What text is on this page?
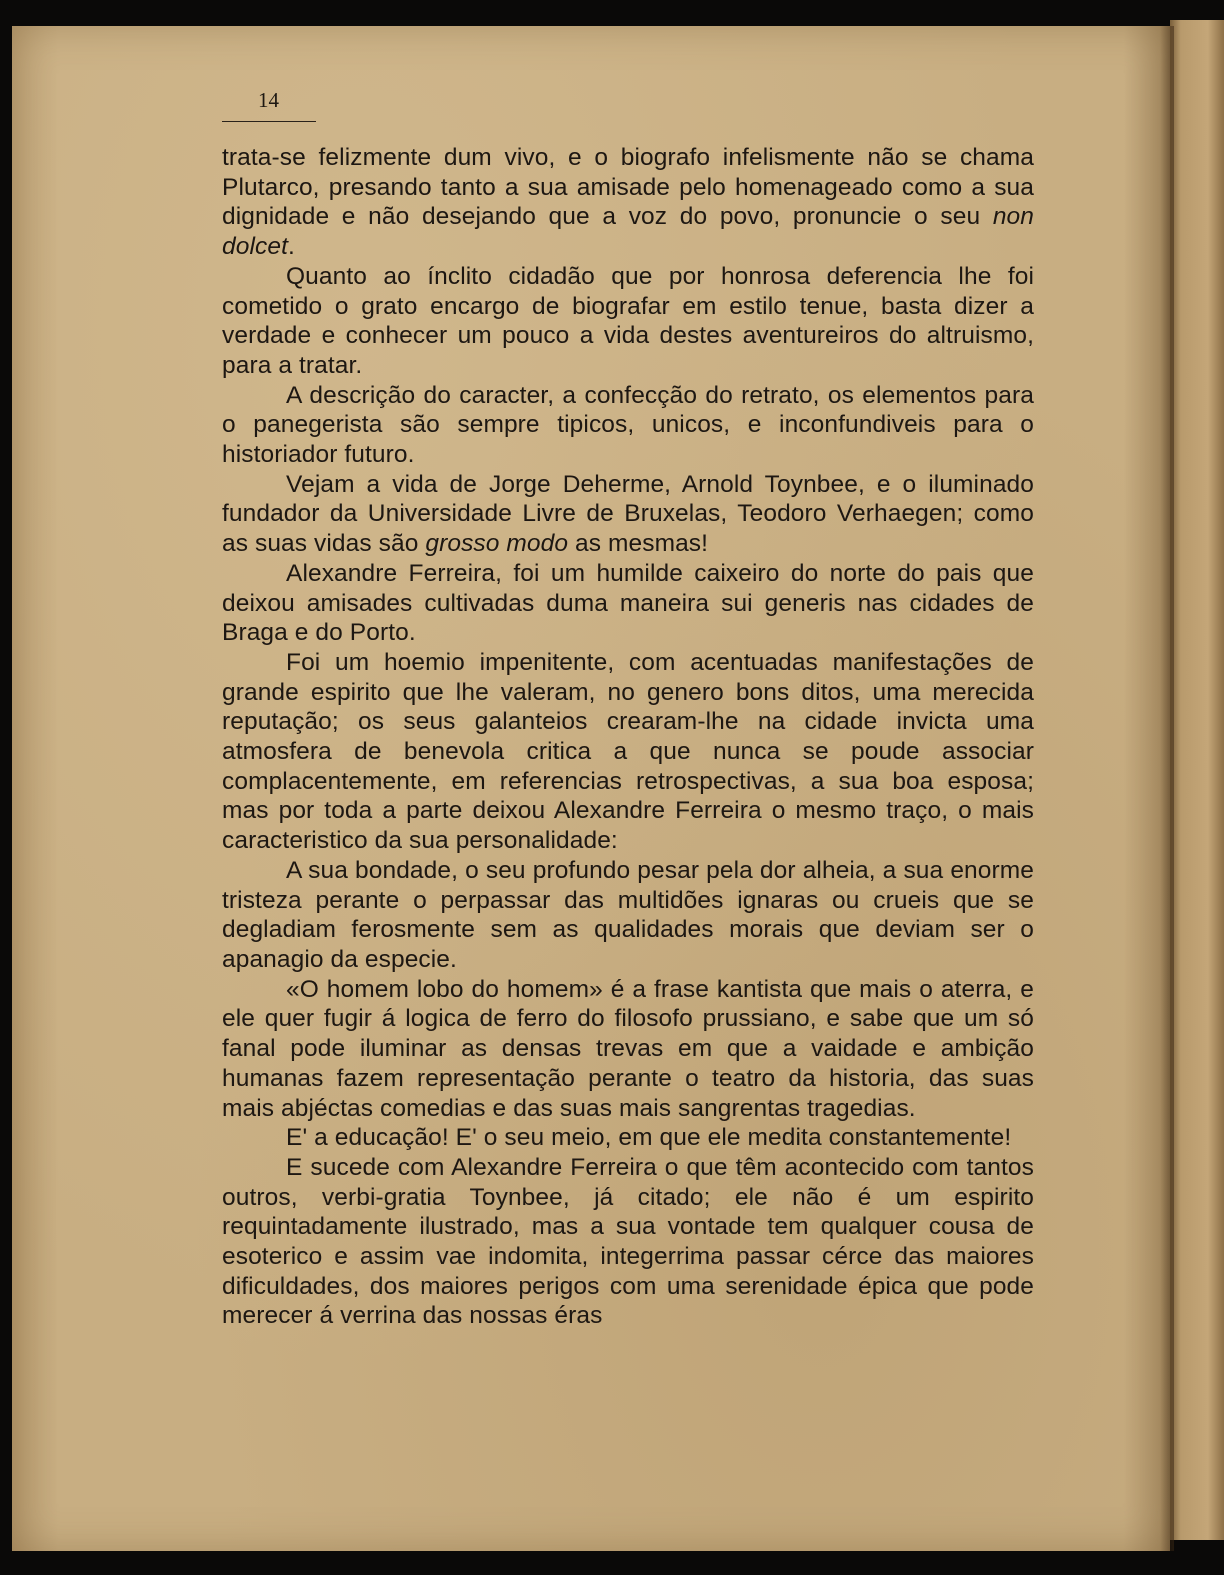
14

trata-se felizmente dum vivo, e o biografo infelismente não se chama Plutarco, presando tanto a sua amisade pelo homenageado como a sua dignidade e não desejando que a voz do povo, pronuncie o seu non dolcet.

Quanto ao ínclito cidadão que por honrosa deferencia lhe foi cometido o grato encargo de biografar em estilo tenue, basta dizer a verdade e conhecer um pouco a vida destes aventureiros do altruismo, para a tratar.

A descrição do caracter, a confecção do retrato, os elementos para o panegerista são sempre tipicos, unicos, e inconfundiveis para o historiador futuro.

Vejam a vida de Jorge Deherme, Arnold Toynbee, e o iluminado fundador da Universidade Livre de Bruxelas, Teodoro Verhaegen; como as suas vidas são grosso modo as mesmas!

Alexandre Ferreira, foi um humilde caixeiro do norte do pais que deixou amisades cultivadas duma maneira sui generis nas cidades de Braga e do Porto.

Foi um hoemio impenitente, com acentuadas manifestações de grande espirito que lhe valeram, no genero bons ditos, uma merecida reputação; os seus galanteios crearam-lhe na cidade invicta uma atmosfera de benevola critica a que nunca se poude associar complacentemente, em referencias retrospectivas, a sua boa esposa; mas por toda a parte deixou Alexandre Ferreira o mesmo traço, o mais caracteristico da sua personalidade:

A sua bondade, o seu profundo pesar pela dor alheia, a sua enorme tristeza perante o perpassar das multidões ignaras ou crueis que se degladiam ferosmente sem as qualidades morais que deviam ser o apanagio da especie.

«O homem lobo do homem» é a frase kantista que mais o aterra, e ele quer fugir á logica de ferro do filosofo prussiano, e sabe que um só fanal pode iluminar as densas trevas em que a vaidade e ambição humanas fazem representação perante o teatro da historia, das suas mais abjéctas comedias e das suas mais sangrentas tragedias.

E' a educação! E' o seu meio, em que ele medita constantemente!

E sucede com Alexandre Ferreira o que têm acontecido com tantos outros, verbi-gratia Toynbee, já citado; ele não é um espirito requintadamente ilustrado, mas a sua vontade tem qualquer cousa de esoterico e assim vae indomita, integerrima passar cérce das maiores dificuldades, dos maiores perigos com uma serenidade épica que pode merecer á verrina das nossas éras
